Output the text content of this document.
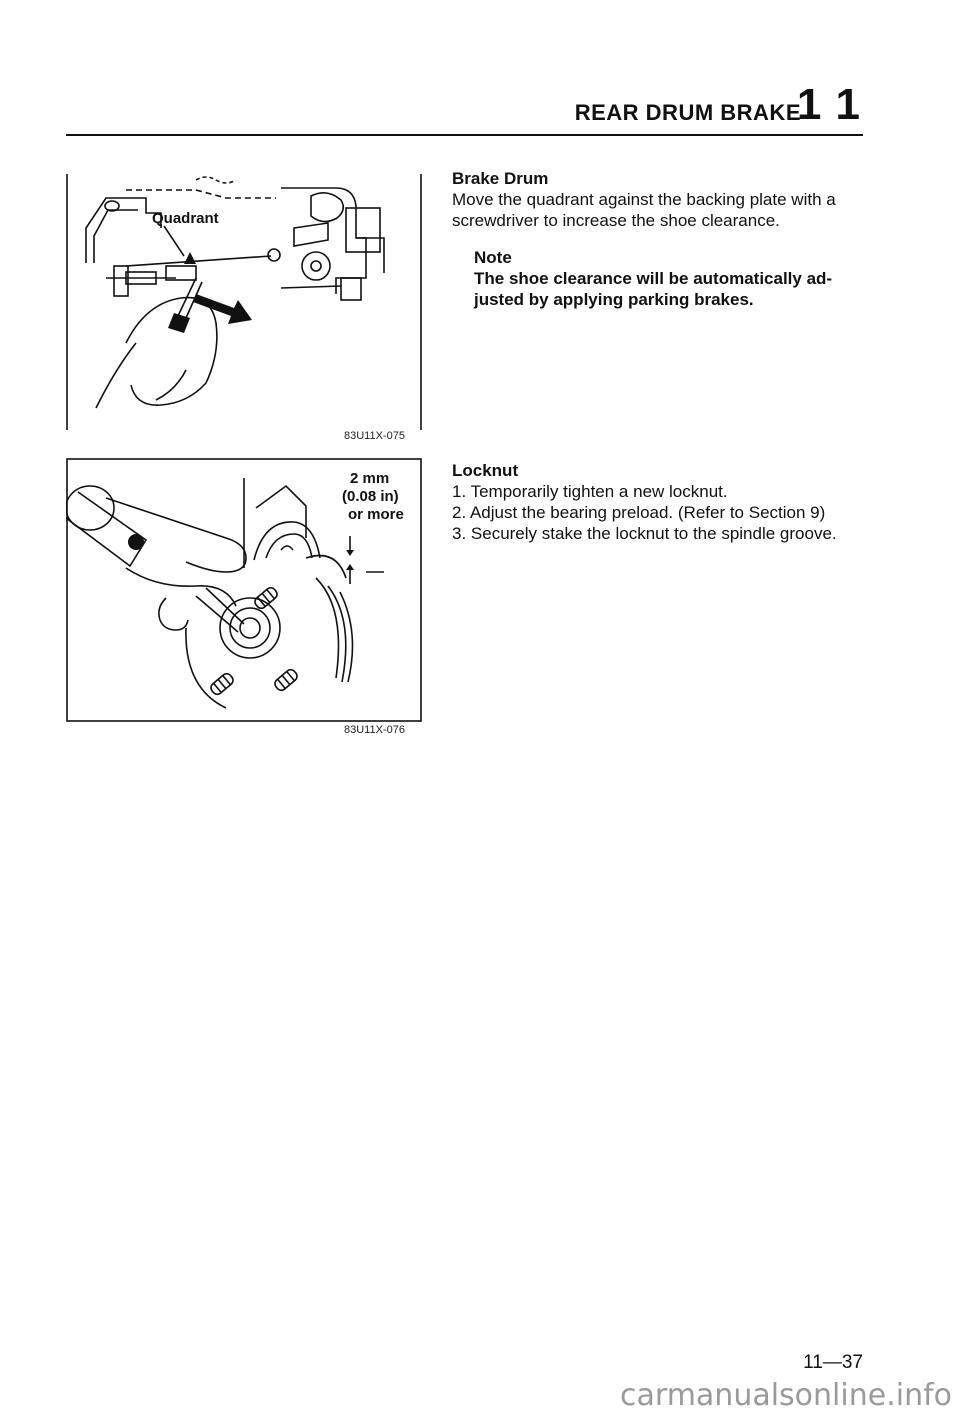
REAR DRUM BRAKE
1 1
Quadrant
83U11X-075
2 mm
(0.08 in)
or more
83U11X-076
Brake Drum

Move the quadrant against the backing plate with a screwdriver to increase the shoe clearance.

Note
The shoe clearance will be automatically ad-justed by applying parking brakes.
Locknut
1. Temporarily tighten a new locknut.
2. Adjust the bearing preload. (Refer to Section 9)
3. Securely stake the locknut to the spindle groove.
11—37
carmanualsonline.info
